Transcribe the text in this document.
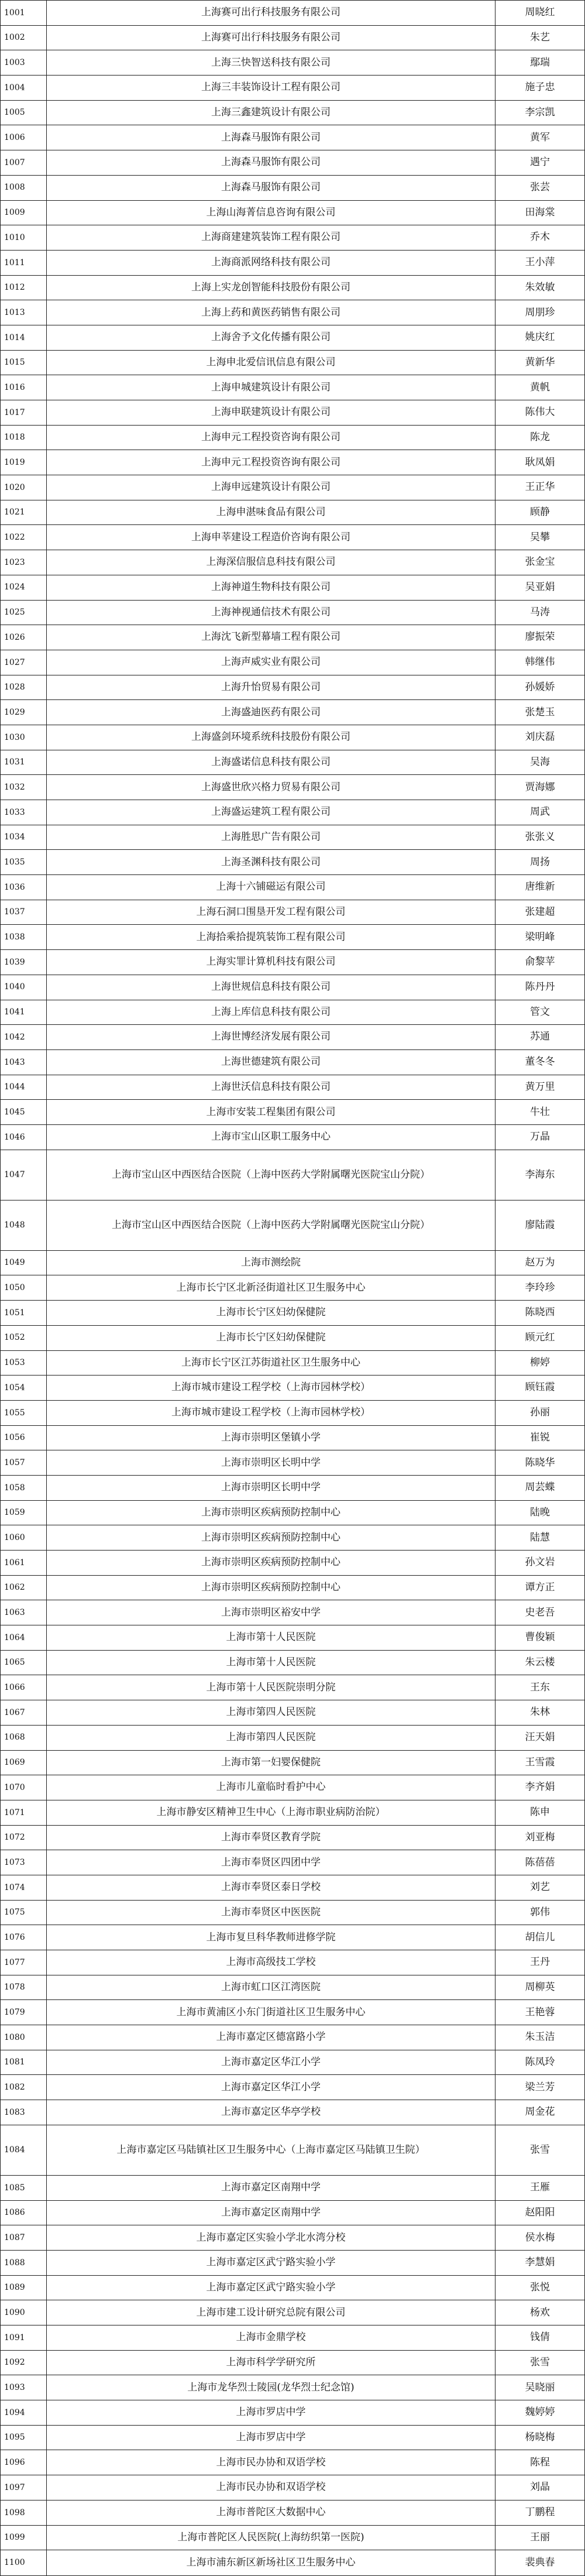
1001	上海赛可出行科技服务有限公司	周晓红
1002	上海赛可出行科技服务有限公司	朱艺
1003	上海三快智送科技有限公司	鄢瑞
1004	上海三丰装饰设计工程有限公司	施子忠
1005	上海三鑫建筑设计有限公司	李宗凯
1006	上海森马服饰有限公司	黄军
1007	上海森马服饰有限公司	遇宁
1008	上海森马服饰有限公司	张芸
1009	上海山海菁信息咨询有限公司	田海棠
1010	上海商建建筑装饰工程有限公司	乔木
1011	上海商派网络科技有限公司	王小萍
1012	上海上实龙创智能科技股份有限公司	朱效敏
1013	上海上药和黄医药销售有限公司	周朋珍
1014	上海舍予文化传播有限公司	姚庆红
1015	上海申北爱信讯信息有限公司	黄新华
1016	上海申城建筑设计有限公司	黄帆
1017	上海申联建筑设计有限公司	陈伟大
1018	上海申元工程投资咨询有限公司	陈龙
1019	上海申元工程投资咨询有限公司	耿凤娟
1020	上海申远建筑设计有限公司	王正华
1021	上海申湛味食品有限公司	顾静
1022	上海申莘建设工程造价咨询有限公司	吴攀
1023	上海深信服信息科技有限公司	张金宝
1024	上海神道生物科技有限公司	吴亚娟
1025	上海神视通信技术有限公司	马涛
1026	上海沈飞新型幕墙工程有限公司	廖振荣
1027	上海声威实业有限公司	韩继伟
1028	上海升怡贸易有限公司	孙媛娇
1029	上海盛迪医药有限公司	张楚玉
1030	上海盛剑环境系统科技股份有限公司	刘庆磊
1031	上海盛诺信息科技有限公司	吴海
1032	上海盛世欣兴格力贸易有限公司	贾海娜
1033	上海盛运建筑工程有限公司	周武
1034	上海胜思广告有限公司	张张义
1035	上海圣渊科技有限公司	周扬
1036	上海十六铺磁运有限公司	唐维新
1037	上海石洞口围垦开发工程有限公司	张建超
1038	上海拾乘拾提筑装饰工程有限公司	梁明峰
1039	上海实罪计算机科技有限公司	俞黎苹
1040	上海世规信息科技有限公司	陈丹丹
1041	上海上库信息科技有限公司	管文
1042	上海世博经济发展有限公司	苏通
1043	上海世德建筑有限公司	董冬冬
1044	上海世沃信息科技有限公司	黄万里
1045	上海市安装工程集团有限公司	牛壮
1046	上海市宝山区职工服务中心	万晶
1047	上海市宝山区中西医结合医院（上海中医药大学附属曙光医院宝山分院）	李海东
1048	上海市宝山区中西医结合医院（上海中医药大学附属曙光医院宝山分院）	廖陆霞
1049	上海市测绘院	赵万为
1050	上海市长宁区北新泾街道社区卫生服务中心	李玲珍
1051	上海市长宁区妇幼保健院	陈晓西
1052	上海市长宁区妇幼保健院	顾元红
1053	上海市长宁区江苏街道社区卫生服务中心	柳婷
1054	上海市城市建设工程学校（上海市园林学校）	顾钰霞
1055	上海市城市建设工程学校（上海市园林学校）	孙丽
1056	上海市崇明区堡镇小学	崔锐
1057	上海市崇明区长明中学	陈晓华
1058	上海市崇明区长明中学	周芸蝶
1059	上海市崇明区疾病预防控制中心	陆晚
1060	上海市崇明区疾病预防控制中心	陆慧
1061	上海市崇明区疾病预防控制中心	孙文岩
1062	上海市崇明区疾病预防控制中心	谭方正
1063	上海市崇明区裕安中学	史老吾
1064	上海市第十人民医院	曹俊颖
1065	上海市第十人民医院	朱云楼
1066	上海市第十人民医院崇明分院	王东
1067	上海市第四人民医院	朱林
1068	上海市第四人民医院	汪天娟
1069	上海市第一妇婴保健院	王雪霞
1070	上海市儿童临时看护中心	李齐娟
1071	上海市静安区精神卫生中心（上海市职业病防治院）	陈申
1072	上海市奉贤区教育学院	刘亚梅
1073	上海市奉贤区四团中学	陈蓓蓓
1074	上海市奉贤区泰日学校	刘艺
1075	上海市奉贤区中医医院	郭伟
1076	上海市复旦科华教师进修学院	胡信儿
1077	上海市高级技工学校	王丹
1078	上海市虹口区江湾医院	周柳英
1079	上海市黄浦区小东门街道社区卫生服务中心	王艳蓉
1080	上海市嘉定区德富路小学	朱玉洁
1081	上海市嘉定区华江小学	陈凤玲
1082	上海市嘉定区华江小学	梁兰芳
1083	上海市嘉定区华亭学校	周金花
1084	上海市嘉定区马陆镇社区卫生服务中心（上海市嘉定区马陆镇卫生院）	张雪
1085	上海市嘉定区南翔中学	王雁
1086	上海市嘉定区南翔中学	赵阳阳
1087	上海市嘉定区实验小学北水湾分校	侯水梅
1088	上海市嘉定区武宁路实验小学	李慧娟
1089	上海市嘉定区武宁路实验小学	张悦
1090	上海市建工设计研究总院有限公司	杨欢
1091	上海市金鼎学校	钱倩
1092	上海市科学学研究所	张雪
1093	上海市龙华烈士陵园(龙华烈士纪念馆)	吴晓丽
1094	上海市罗店中学	魏婷婷
1095	上海市罗店中学	杨晓梅
1096	上海市民办协和双语学校	陈程
1097	上海市民办协和双语学校	刘晶
1098	上海市普陀区大数据中心	丁鹏程
1099	上海市普陀区人民医院(上海纺织第一医院)	王丽
1100	上海市浦东新区新场社区卫生服务中心	裴典春
